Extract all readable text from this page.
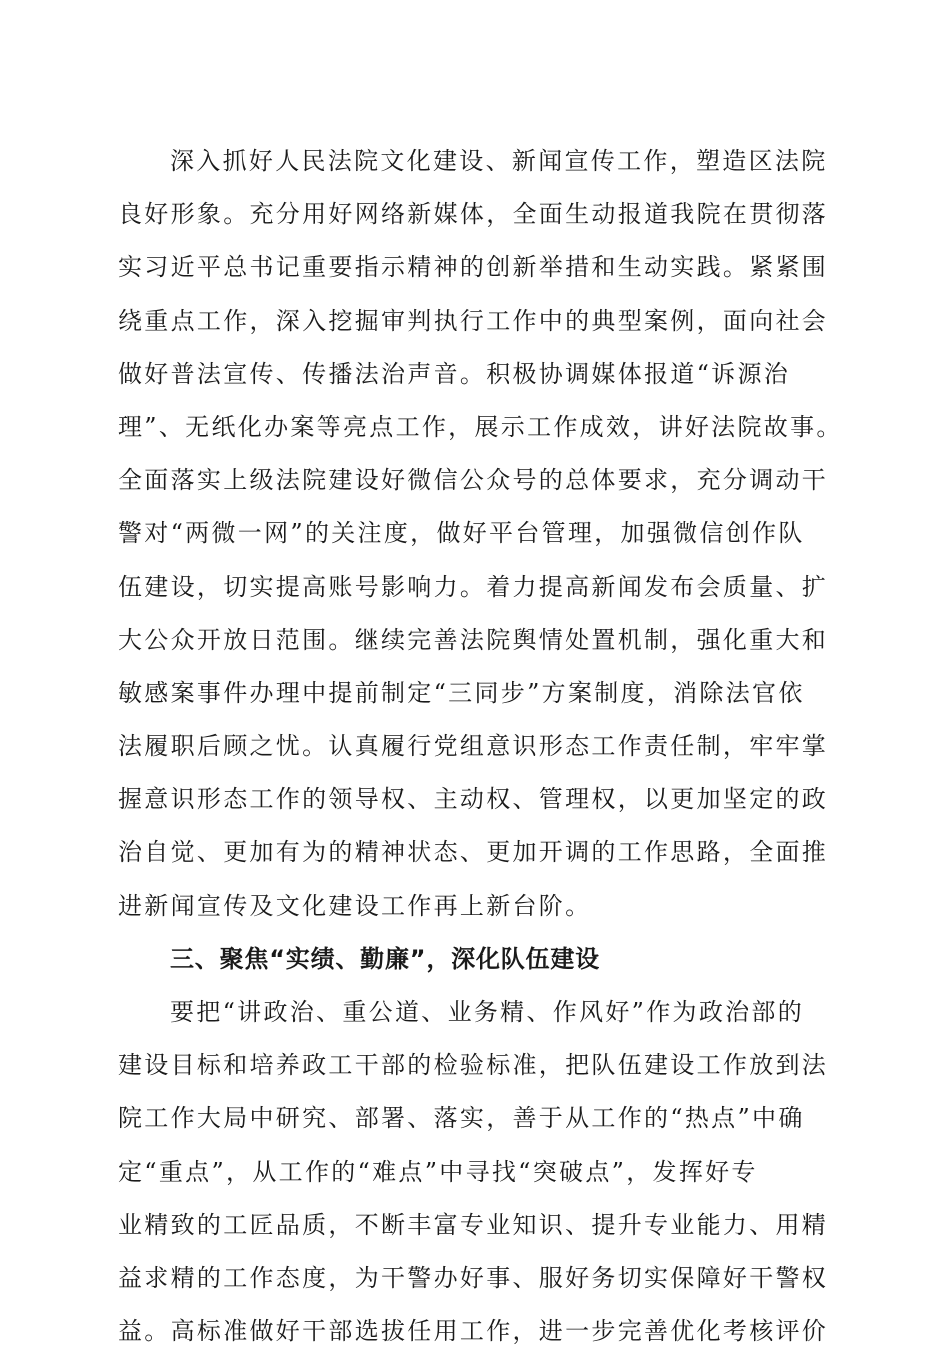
深入抓好人民法院文化建设、新闻宣传工作，塑造区法院
良好形象。充分用好网络新媒体，全面生动报道我院在贯彻落
实习近平总书记重要指示精神的创新举措和生动实践。紧紧围
绕重点工作，深入挖掘审判执行工作中的典型案例，面向社会
做好普法宣传、传播法治声音。积极协调媒体报道“诉源治
理”、无纸化办案等亮点工作，展示工作成效，讲好法院故事。
全面落实上级法院建设好微信公众号的总体要求，充分调动干
警对“两微一网”的关注度，做好平台管理，加强微信创作队
伍建设，切实提高账号影响力。着力提高新闻发布会质量、扩
大公众开放日范围。继续完善法院舆情处置机制，强化重大和
敏感案事件办理中提前制定“三同步”方案制度，消除法官依
法履职后顾之忧。认真履行党组意识形态工作责任制，牢牢掌
握意识形态工作的领导权、主动权、管理权，以更加坚定的政
治自觉、更加有为的精神状态、更加开调的工作思路，全面推
进新闻宣传及文化建设工作再上新台阶。
三、聚焦“实绩、勤廉”，深化队伍建设
要把“讲政治、重公道、业务精、作风好”作为政治部的
建设目标和培养政工干部的检验标准，把队伍建设工作放到法
院工作大局中研究、部署、落实，善于从工作的“热点”中确
定“重点”，从工作的“难点”中寻找“突破点”，发挥好专
业精致的工匠品质，不断丰富专业知识、提升专业能力、用精
益求精的工作态度，为干警办好事、服好务切实保障好干警权
益。高标准做好干部选拔任用工作，进一步完善优化考核评价
